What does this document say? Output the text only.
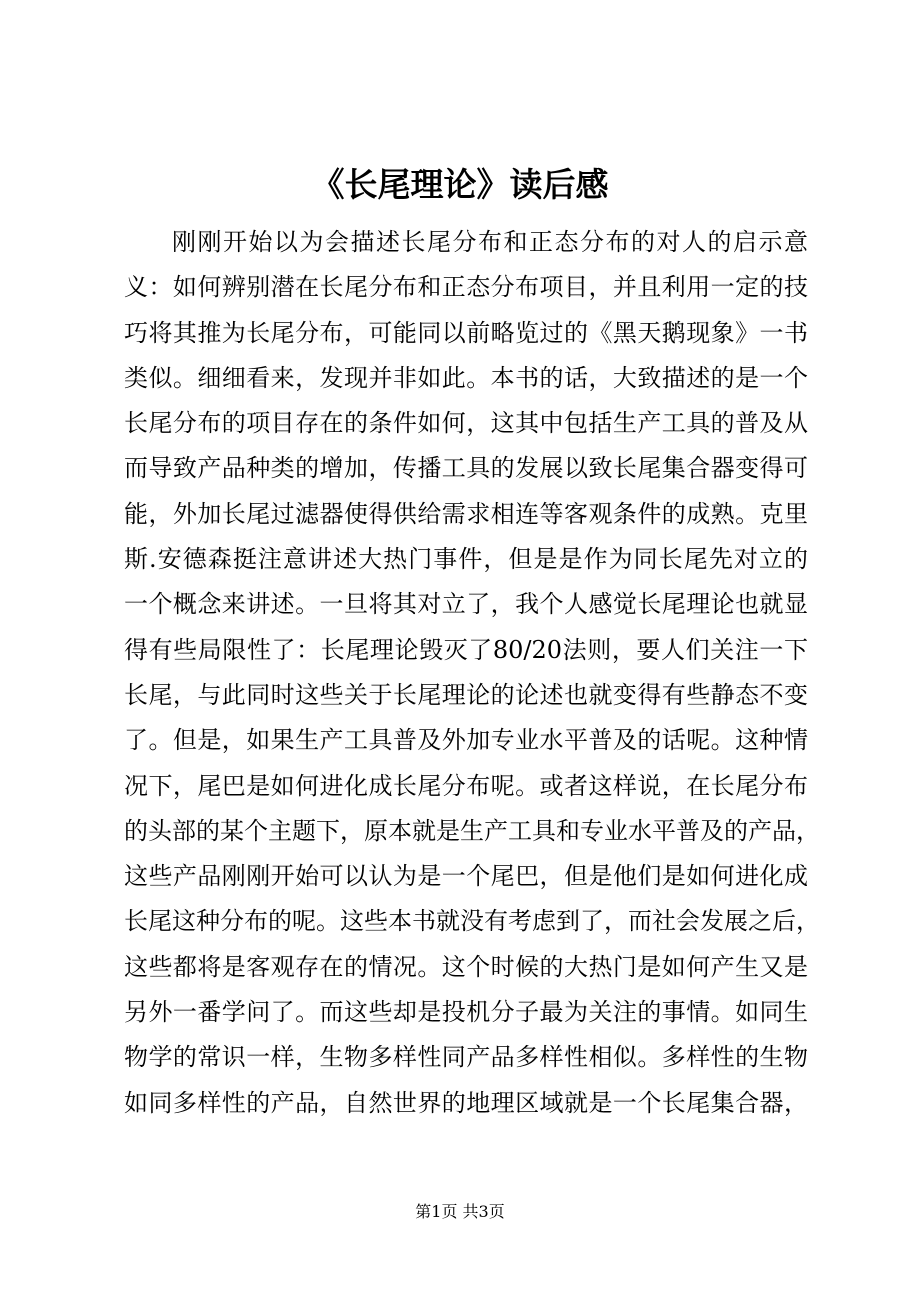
《长尾理论》读后感
刚刚开始以为会描述长尾分布和正态分布的对人的启示意
义：如何辨别潜在长尾分布和正态分布项目，并且利用一定的技
巧将其推为长尾分布，可能同以前略览过的《黑天鹅现象》一书
类似。细细看来，发现并非如此。本书的话，大致描述的是一个
长尾分布的项目存在的条件如何，这其中包括生产工具的普及从
而导致产品种类的增加，传播工具的发展以致长尾集合器变得可
能，外加长尾过滤器使得供给需求相连等客观条件的成熟。克里
斯.安德森挺注意讲述大热门事件，但是是作为同长尾先对立的
一个概念来讲述。一旦将其对立了，我个人感觉长尾理论也就显
得有些局限性了：长尾理论毁灭了80/20法则，要人们关注一下
长尾，与此同时这些关于长尾理论的论述也就变得有些静态不变
了。但是，如果生产工具普及外加专业水平普及的话呢。这种情
况下，尾巴是如何进化成长尾分布呢。或者这样说，在长尾分布
的头部的某个主题下，原本就是生产工具和专业水平普及的产品，
这些产品刚刚开始可以认为是一个尾巴，但是他们是如何进化成
长尾这种分布的呢。这些本书就没有考虑到了，而社会发展之后，
这些都将是客观存在的情况。这个时候的大热门是如何产生又是
另外一番学问了。而这些却是投机分子最为关注的事情。如同生
物学的常识一样，生物多样性同产品多样性相似。多样性的生物
如同多样性的产品，自然世界的地理区域就是一个长尾集合器，
第1页 共3页
